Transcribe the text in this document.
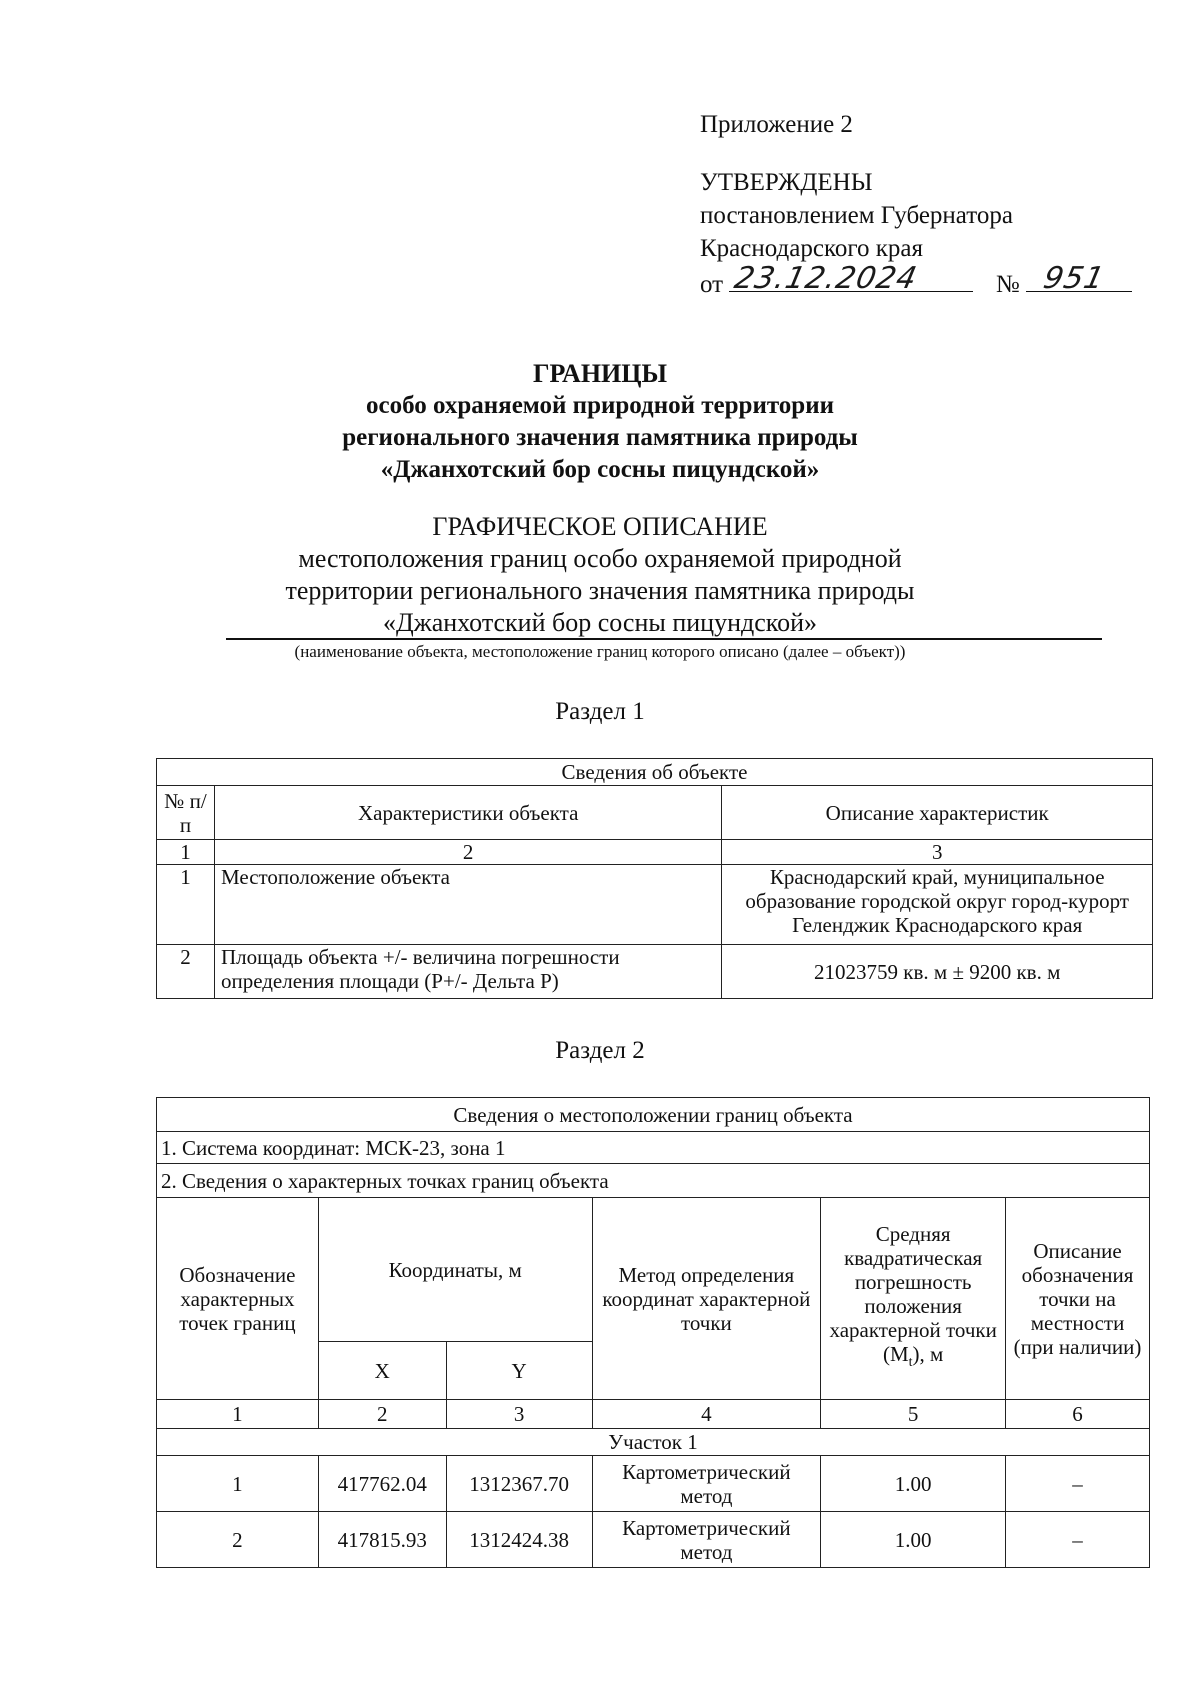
Приложение 2
УТВЕРЖДЕНЫ
постановлением Губернатора
Краснодарского края
от 23.12.2024	№ 951
ГРАНИЦЫ
особо охраняемой природной территории
регионального значения памятника природы
«Джанхотский бор сосны пицундской»
ГРАФИЧЕСКОЕ ОПИСАНИЕ
местоположения границ особо охраняемой природной
территории регионального значения памятника природы
«Джанхотский бор сосны пицундской»
(наименование объекта, местоположение границ которого описано (далее – объект))
Раздел 1
Сведения об объекте		
№ п/п	Характеристики объекта	Описание характеристик
1	2	3
1	Местоположение объекта	Краснодарский край, муниципальное образование городской округ город-курорт Геленджик Краснодарского края
2	Площадь объекта +/- величина погрешности определения площади (P+/- Дельта P)	21023759 кв. м ± 9200 кв. м
Раздел 2
Сведения о местоположении границ объекта					
1. Система координат: МСК-23, зона 1					
2. Сведения о характерных точках границ объекта					
Обозначение характерных точек границ	Координаты, м		Метод определения координат характерной точки	Средняя квадратическая погрешность положения характерной точки $(M_t)$, м	Описание обозначения точки на местности (при наличии)
	X	Y			
1	2	3	4	5	6
Участок 1					
1	417762.04	1312367.70	Картометрический метод	1.00	–
2	417815.93	1312424.38	Картометрический метод	1.00	–
